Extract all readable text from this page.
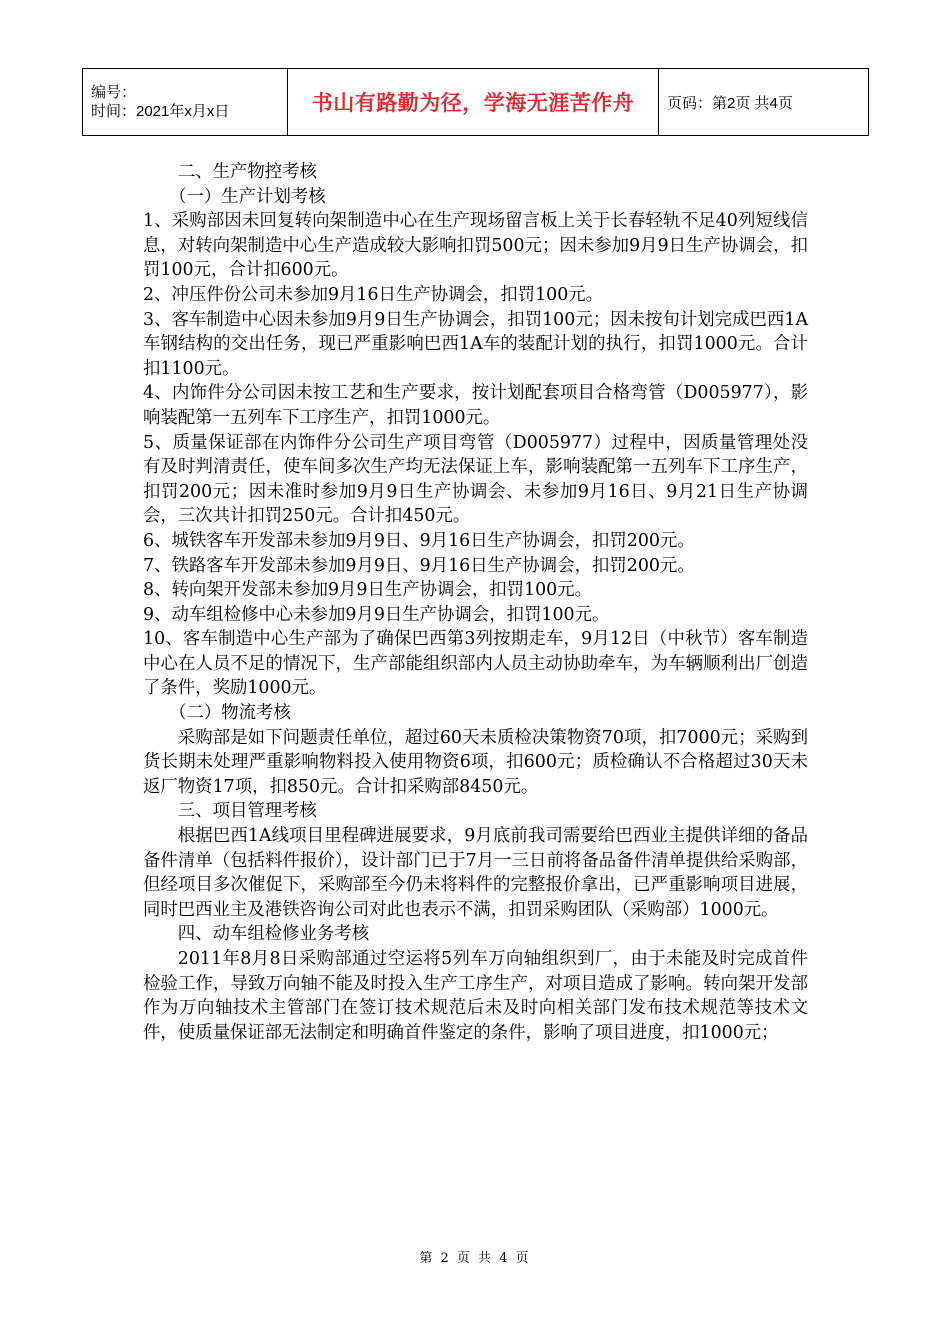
编号：
时间：2021年x月x日	书山有路勤为径，学海无涯苦作舟	页码：第2页 共4页

二、生产物控考核

（一）生产计划考核

1、采购部因未回复转向架制造中心在生产现场留言板上关于长春轻轨不足40列短线信息，对转向架制造中心生产造成较大影响扣罚500元；因未参加9月9日生产协调会，扣罚100元，合计扣600元。

2、冲压件份公司未参加9月16日生产协调会，扣罚100元。

3、客车制造中心因未参加9月9日生产协调会，扣罚100元；因未按旬计划完成巴西1A车钢结构的交出任务，现已严重影响巴西1A车的装配计划的执行，扣罚1000元。合计扣1100元。

4、内饰件分公司因未按工艺和生产要求，按计划配套项目合格弯管（D005977），影响装配第一五列车下工序生产，扣罚1000元。

5、质量保证部在内饰件分公司生产项目弯管（D005977）过程中，因质量管理处没有及时判清责任，使车间多次生产均无法保证上车，影响装配第一五列车下工序生产，扣罚200元；因未准时参加9月9日生产协调会、未参加9月16日、9月21日生产协调会，三次共计扣罚250元。合计扣450元。

6、城铁客车开发部未参加9月9日、9月16日生产协调会，扣罚200元。

7、铁路客车开发部未参加9月9日、9月16日生产协调会，扣罚200元。

8、转向架开发部未参加9月9日生产协调会，扣罚100元。

9、动车组检修中心未参加9月9日生产协调会，扣罚100元。

10、客车制造中心生产部为了确保巴西第3列按期走车，9月12日（中秋节）客车制造中心在人员不足的情况下，生产部能组织部内人员主动协助牵车，为车辆顺利出厂创造了条件，奖励1000元。

（二）物流考核

采购部是如下问题责任单位，超过60天未质检决策物资70项，扣7000元；采购到货长期未处理严重影响物料投入使用物资6项，扣600元；质检确认不合格超过30天未返厂物资17项，扣850元。合计扣采购部8450元。

三、项目管理考核

根据巴西1A线项目里程碑进展要求，9月底前我司需要给巴西业主提供详细的备品备件清单（包括料件报价），设计部门已于7月一三日前将备品备件清单提供给采购部，但经项目多次催促下，采购部至今仍未将料件的完整报价拿出，已严重影响项目进展，同时巴西业主及港铁咨询公司对此也表示不满，扣罚采购团队（采购部）1000元。

四、动车组检修业务考核

2011年8月8日采购部通过空运将5列车万向轴组织到厂，由于未能及时完成首件检验工作，导致万向轴不能及时投入生产工序生产，对项目造成了影响。转向架开发部作为万向轴技术主管部门在签订技术规范后未及时向相关部门发布技术规范等技术文件，使质量保证部无法制定和明确首件鉴定的条件，影响了项目进度，扣1000元；

第 2 页 共 4 页
